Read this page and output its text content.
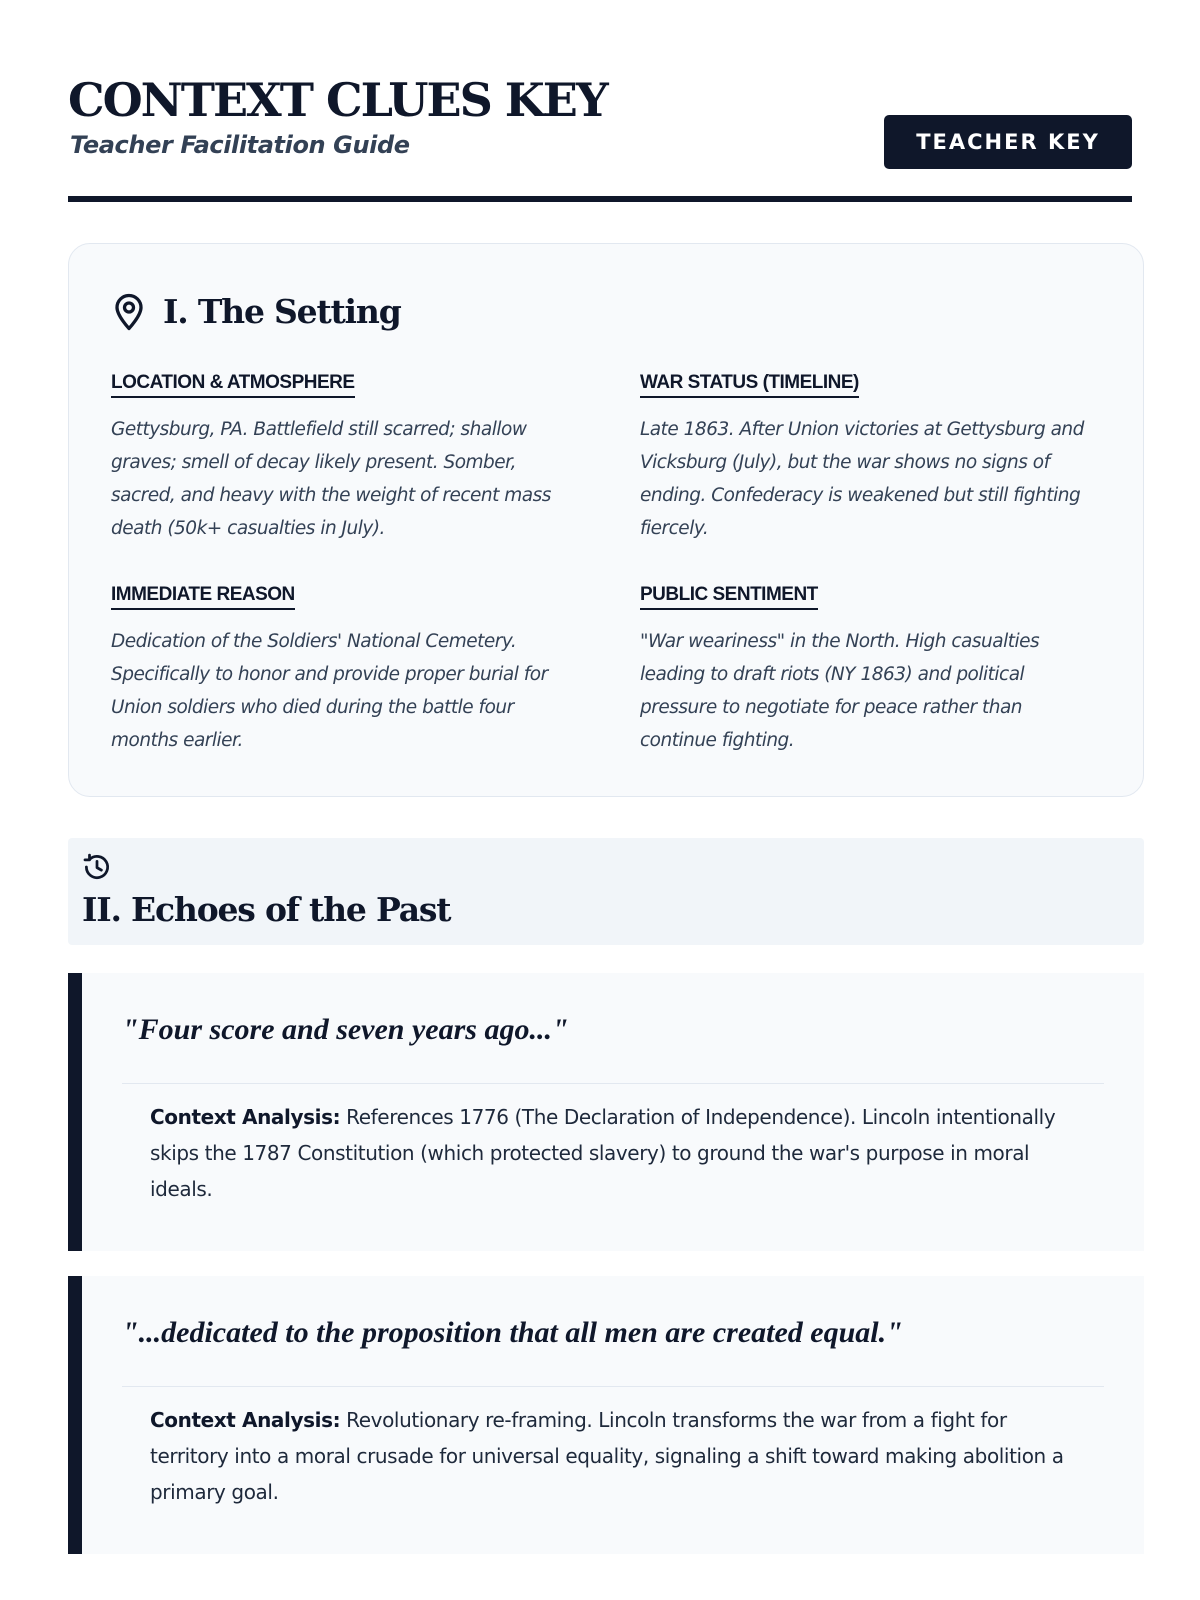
CONTEXT CLUES KEY
Teacher Facilitation Guide	TEACHER KEY
I. The Setting
LOCATION & ATMOSPHERE
Gettysburg, PA. Battlefield still scarred; shallow graves; smell of decay likely present. Somber, sacred, and heavy with the weight of recent mass death (50k+ casualties in July).
WAR STATUS (TIMELINE)
Late 1863. After Union victories at Gettysburg and Vicksburg (July), but the war shows no signs of ending. Confederacy is weakened but still fighting fiercely.
IMMEDIATE REASON
Dedication of the Soldiers' National Cemetery. Specifically to honor and provide proper burial for Union soldiers who died during the battle four months earlier.
PUBLIC SENTIMENT
"War weariness" in the North. High casualties leading to draft riots (NY 1863) and political pressure to negotiate for peace rather than continue fighting.
II. Echoes of the Past
"Four score and seven years ago..."
Context Analysis: References 1776 (The Declaration of Independence). Lincoln intentionally skips the 1787 Constitution (which protected slavery) to ground the war's purpose in moral ideals.
"...dedicated to the proposition that all men are created equal."
Context Analysis: Revolutionary re-framing. Lincoln transforms the war from a fight for territory into a moral crusade for universal equality, signaling a shift toward making abolition a primary goal.
